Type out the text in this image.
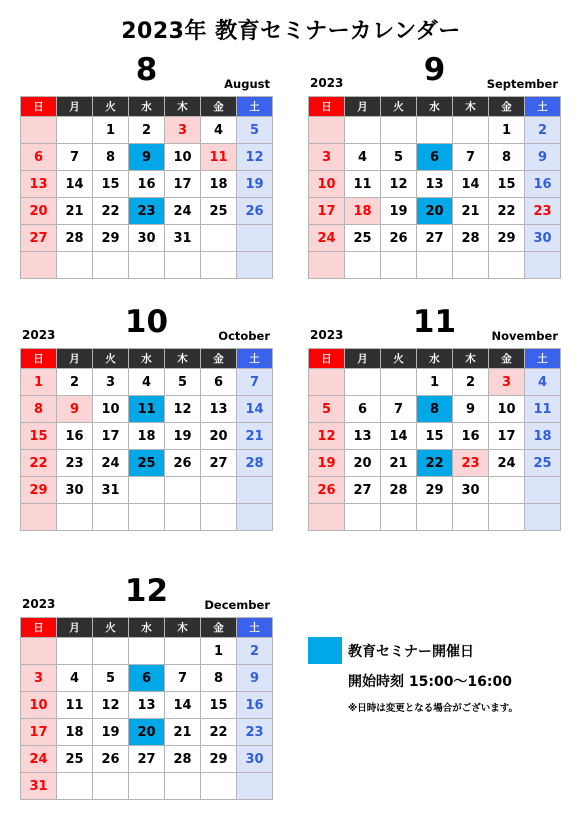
2023年 教育セミナーカレンダー
8	August
日	月	火	水	木	金	土
		1	2	3	4	5
6	7	8	9	10	11	12
13	14	15	16	17	18	19
20	21	22	23	24	25	26
27	28	29	30	31		

2023	9	September
日	月	火	水	木	金	土
					1	2
3	4	5	6	7	8	9
10	11	12	13	14	15	16
17	18	19	20	21	22	23
24	25	26	27	28	29	30

2023	10	October
日	月	火	水	木	金	土
1	2	3	4	5	6	7
8	9	10	11	12	13	14
15	16	17	18	19	20	21
22	23	24	25	26	27	28
29	30	31				

2023	11	November
日	月	火	水	木	金	土
			1	2	3	4
5	6	7	8	9	10	11
12	13	14	15	16	17	18
19	20	21	22	23	24	25
26	27	28	29	30		

2023	12	December
日	月	火	水	木	金	土
					1	2
3	4	5	6	7	8	9
10	11	12	13	14	15	16
17	18	19	20	21	22	23
24	25	26	27	28	29	30
31						
教育セミナー開催日
開始時刻 15:00～16:00
※日時は変更となる場合がございます。
